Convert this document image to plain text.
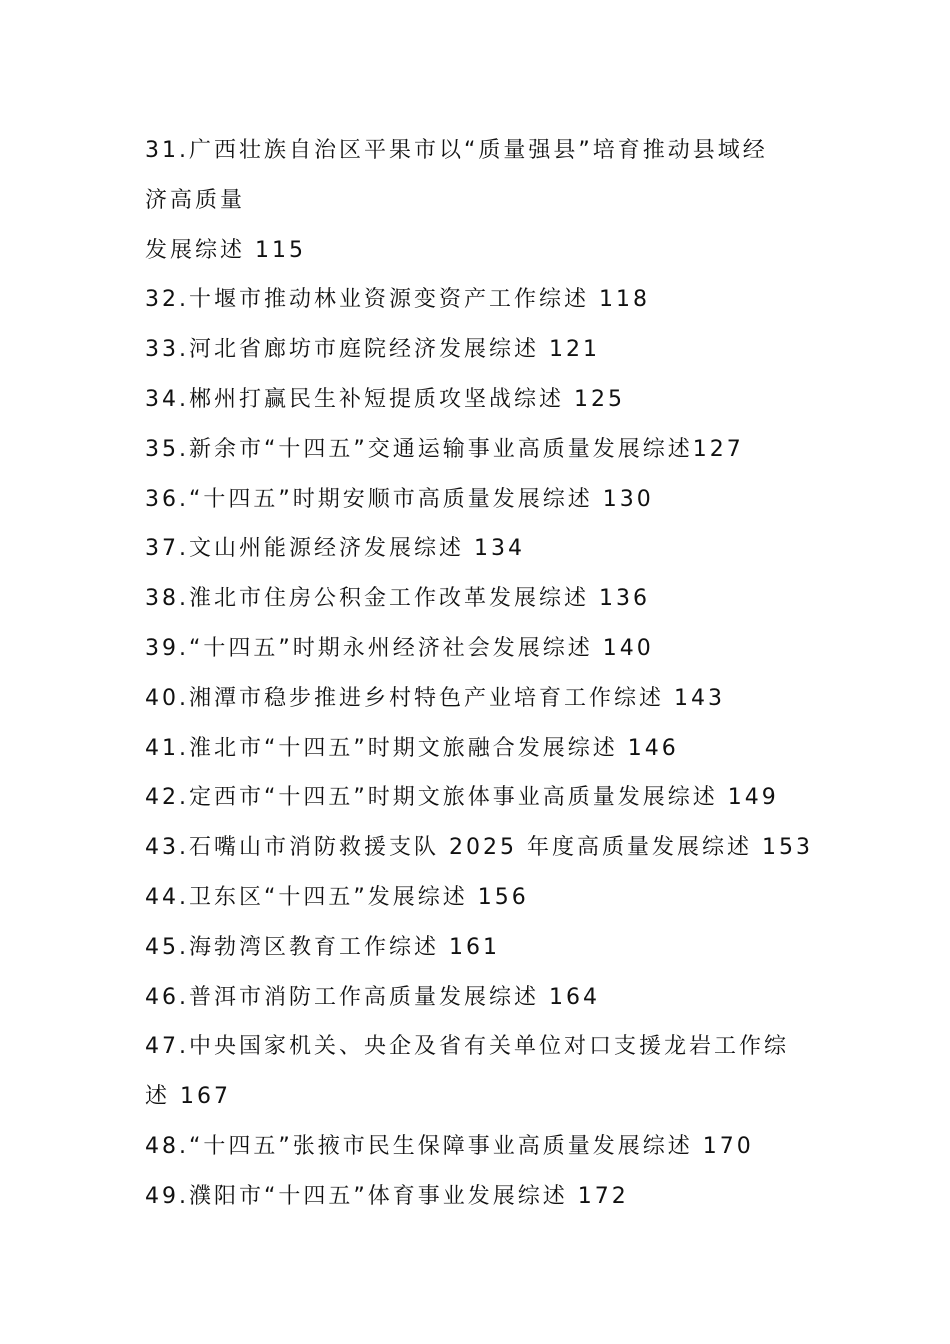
31.广西壮族自治区平果市以“质量强县”培育推动县域经
济高质量
发展综述 115
32.十堰市推动林业资源变资产工作综述 118
33.河北省廊坊市庭院经济发展综述 121
34.郴州打赢民生补短提质攻坚战综述 125
35.新余市“十四五”交通运输事业高质量发展综述127
36.“十四五”时期安顺市高质量发展综述 130
37.文山州能源经济发展综述 134
38.淮北市住房公积金工作改革发展综述 136
39.“十四五”时期永州经济社会发展综述 140
40.湘潭市稳步推进乡村特色产业培育工作综述 143
41.淮北市“十四五”时期文旅融合发展综述 146
42.定西市“十四五”时期文旅体事业高质量发展综述 149
43.石嘴山市消防救援支队 2025 年度高质量发展综述 153
44.卫东区“十四五”发展综述 156
45.海勃湾区教育工作综述 161
46.普洱市消防工作高质量发展综述 164
47.中央国家机关、央企及省有关单位对口支援龙岩工作综
述 167
48.“十四五”张掖市民生保障事业高质量发展综述 170
49.濮阳市“十四五”体育事业发展综述 172
